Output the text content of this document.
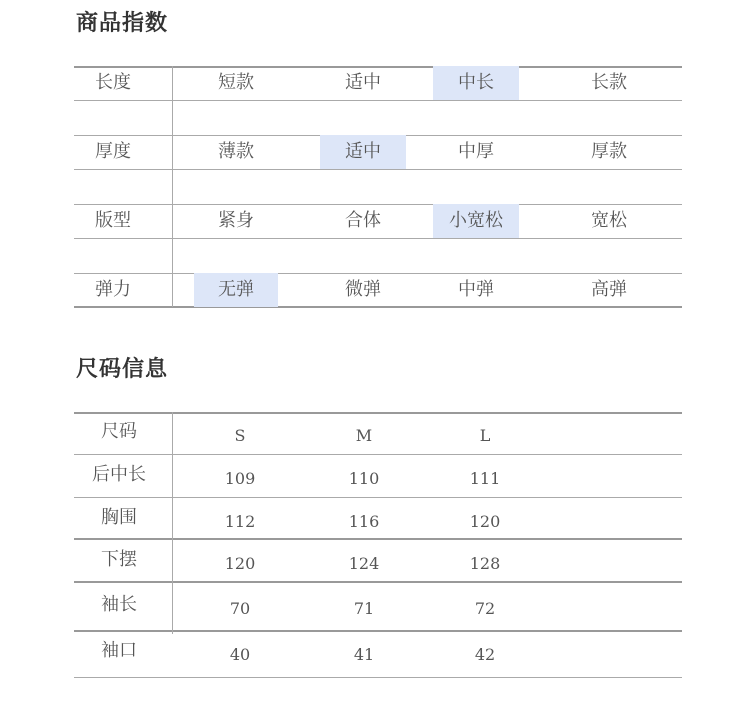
商品指数
长度	短款	适中	中长	长款
厚度	薄款	适中	中厚	厚款
版型	紧身	合体	小宽松	宽松
弹力	无弹	微弹	中弹	高弹
尺码信息
尺码	S	M	L
后中长	109	110	111
胸围	112	116	120
下摆	120	124	128
袖长	70	71	72
袖口	40	41	42
